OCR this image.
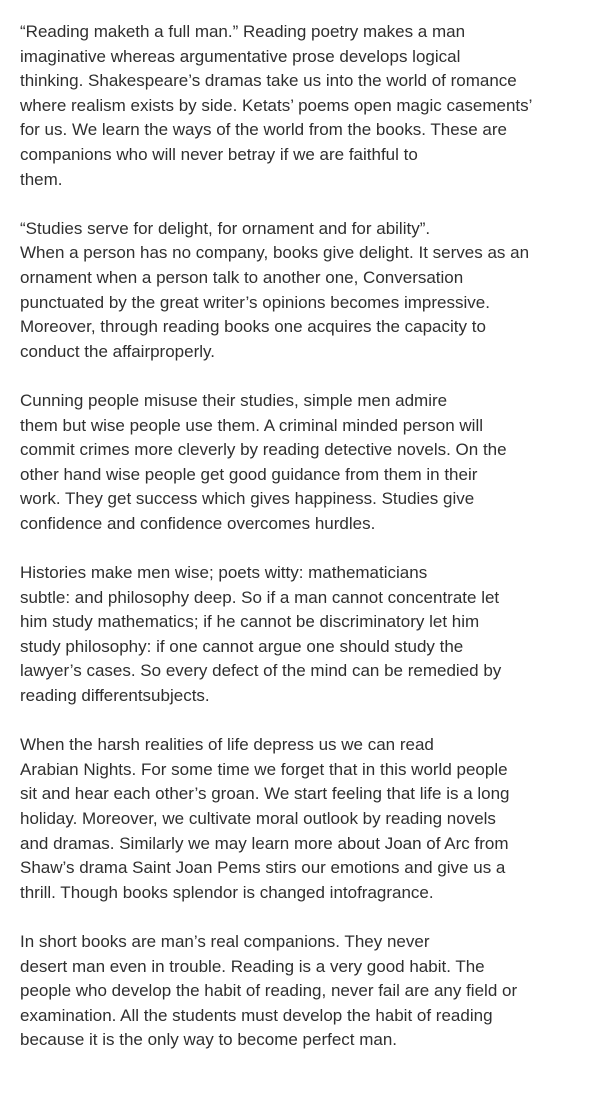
“Reading maketh a full man.” Reading poetry makes a man
imaginative whereas argumentative prose develops logical
thinking. Shakespeare’s dramas take us into the world of romance
where realism exists by side. Ketats’ poems open magic casements’
for us. We learn the ways of the world from the books. These are
companions who will never betray if we are faithful to
them.

“Studies serve for delight, for ornament and for ability”.
When a person has no company, books give delight. It serves as an
ornament when a person talk to another one, Conversation
punctuated by the great writer’s opinions becomes impressive.
Moreover, through reading books one acquires the capacity to
conduct the affairproperly.

Cunning people misuse their studies, simple men admire
them but wise people use them. A criminal minded person will
commit crimes more cleverly by reading detective novels. On the
other hand wise people get good guidance from them in their
work. They get success which gives happiness. Studies give
confidence and confidence overcomes hurdles.

Histories make men wise; poets witty: mathematicians
subtle: and philosophy deep. So if a man cannot concentrate let
him study mathematics; if he cannot be discriminatory let him
study philosophy: if one cannot argue one should study the
lawyer’s cases. So every defect of the mind can be remedied by
reading differentsubjects.

When the harsh realities of life depress us we can read
Arabian Nights. For some time we forget that in this world people
sit and hear each other’s groan. We start feeling that life is a long
holiday. Moreover, we cultivate moral outlook by reading novels
and dramas. Similarly we may learn more about Joan of Arc from
Shaw’s drama Saint Joan Pems stirs our emotions and give us a
thrill. Though books splendor is changed intofragrance.

In short books are man’s real companions. They never
desert man even in trouble. Reading is a very good habit. The
people who develop the habit of reading, never fail are any field or
examination. All the students must develop the habit of reading
because it is the only way to become perfect man.
